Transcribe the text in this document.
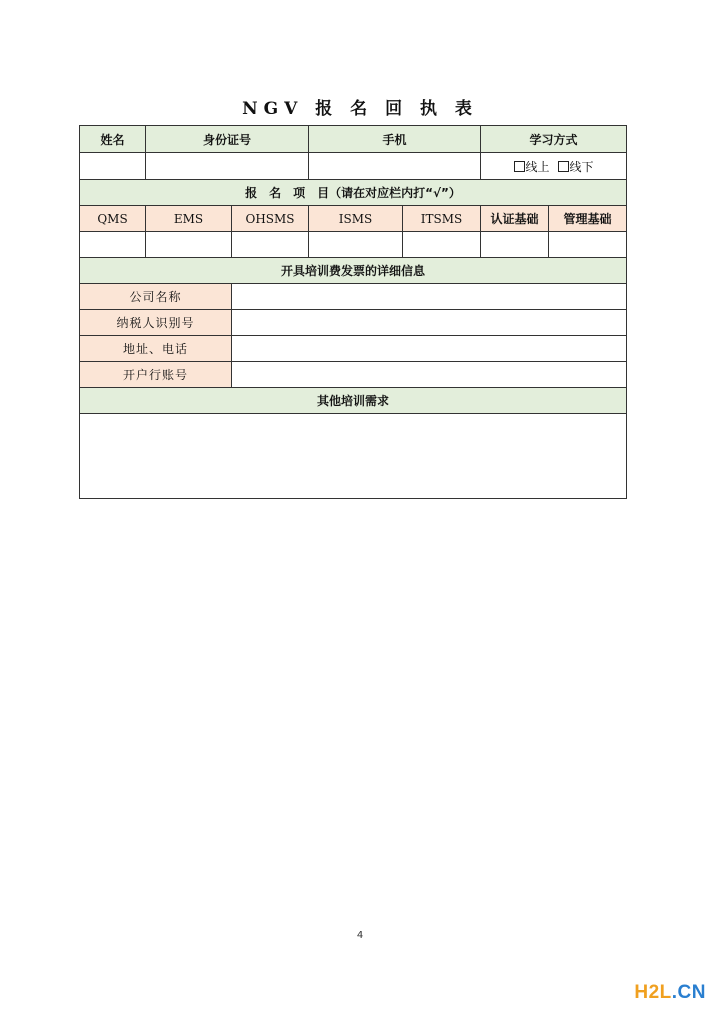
NGV 报 名 回 执 表
姓名	身份证号		手机		学习方式	

					线上 线下	

报　名　项　目（请在对应栏内打“√”）						
QMS	EMS	OHSMS	ISMS	ITSMS	认证基础	管理基础

开具培训费发票的详细信息						
公司名称						
纳税人识别号						
地址、电话						
开户行账号						
其他培训需求						

4
H2L.CN
